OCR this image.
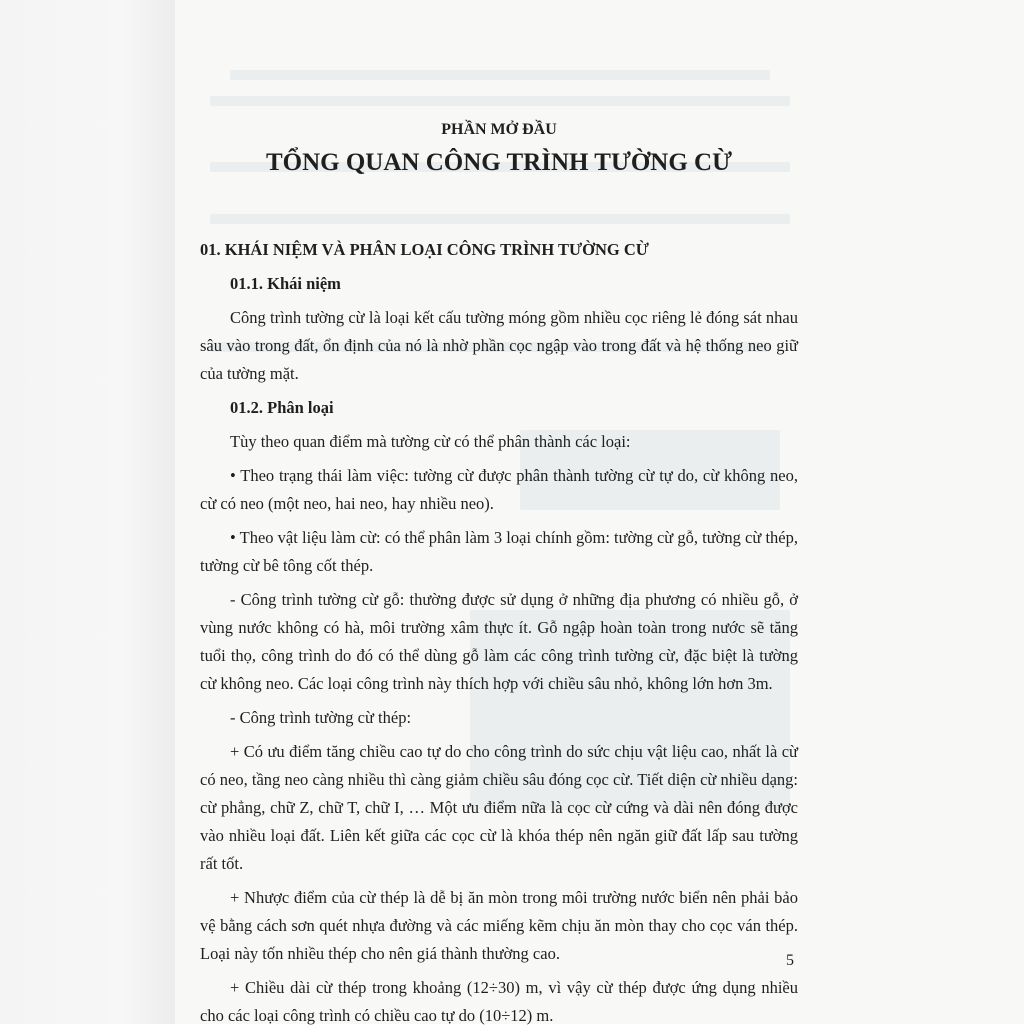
PHẦN MỞ ĐẦU
TỔNG QUAN CÔNG TRÌNH TƯỜNG CỪ
01. KHÁI NIỆM VÀ PHÂN LOẠI CÔNG TRÌNH TƯỜNG CỪ
01.1. Khái niệm

Công trình tường cừ là loại kết cấu tường móng gồm nhiều cọc riêng lẻ đóng sát nhau sâu vào trong đất, ổn định của nó là nhờ phần cọc ngập vào trong đất và hệ thống neo giữ của tường mặt.

01.2. Phân loại

Tùy theo quan điểm mà tường cừ có thể phân thành các loại:

• Theo trạng thái làm việc: tường cừ được phân thành tường cừ tự do, cừ không neo, cừ có neo (một neo, hai neo, hay nhiều neo).

• Theo vật liệu làm cừ: có thể phân làm 3 loại chính gồm: tường cừ gỗ, tường cừ thép, tường cừ bê tông cốt thép.

- Công trình tường cừ gỗ: thường được sử dụng ở những địa phương có nhiều gỗ, ở vùng nước không có hà, môi trường xâm thực ít. Gỗ ngập hoàn toàn trong nước sẽ tăng tuổi thọ, công trình do đó có thể dùng gỗ làm các công trình tường cừ, đặc biệt là tường cừ không neo. Các loại công trình này thích hợp với chiều sâu nhỏ, không lớn hơn 3m.

- Công trình tường cừ thép:

+ Có ưu điểm tăng chiều cao tự do cho công trình do sức chịu vật liệu cao, nhất là cừ có neo, tầng neo càng nhiều thì càng giảm chiều sâu đóng cọc cừ. Tiết diện cừ nhiều dạng: cừ phẳng, chữ Z, chữ T, chữ I, … Một ưu điểm nữa là cọc cừ cứng và dài nên đóng được vào nhiều loại đất. Liên kết giữa các cọc cừ là khóa thép nên ngăn giữ đất lấp sau tường rất tốt.

+ Nhược điểm của cừ thép là dễ bị ăn mòn trong môi trường nước biển nên phải bảo vệ bằng cách sơn quét nhựa đường và các miếng kẽm chịu ăn mòn thay cho cọc ván thép. Loại này tốn nhiều thép cho nên giá thành thường cao.

+ Chiều dài cừ thép trong khoảng (12÷30) m, vì vậy cừ thép được ứng dụng nhiều cho các loại công trình có chiều cao tự do (10÷12) m.

5
